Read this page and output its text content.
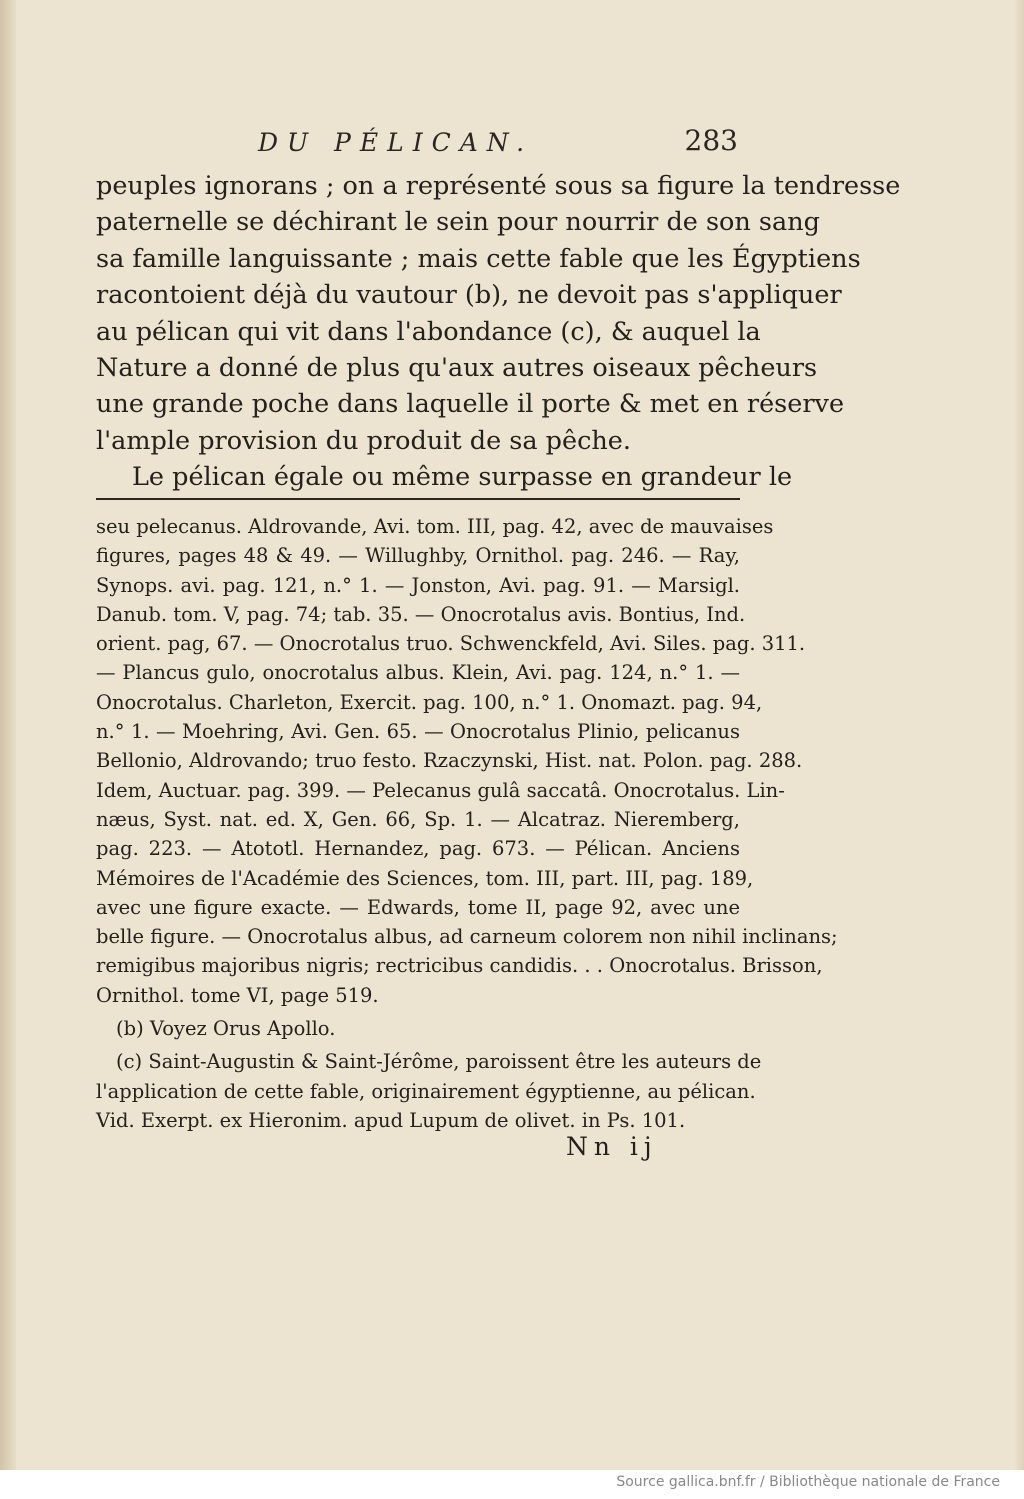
DU PÉLICAN.	283
peuples ignorans ; on a représenté sous sa figure la tendresse
paternelle se déchirant le sein pour nourrir de son sang
sa famille languissante ; mais cette fable que les Égyptiens
racontoient déjà du vautour (b), ne devoit pas s'appliquer
au pélican qui vit dans l'abondance (c), & auquel la
Nature a donné de plus qu'aux autres oiseaux pêcheurs
une grande poche dans laquelle il porte & met en réserve
l'ample provision du produit de sa pêche.
Le pélican égale ou même surpasse en grandeur le
seu pelecanus. Aldrovande, Avi. tom. III, pag. 42, avec de mauvaises
figures, pages 48 & 49. — Willughby, Ornithol. pag. 246. — Ray,
Synops. avi. pag. 121, n.° 1. — Jonston, Avi. pag. 91. — Marsigl.
Danub. tom. V, pag. 74; tab. 35. — Onocrotalus avis. Bontius, Ind.
orient. pag, 67. — Onocrotalus truo. Schwenckfeld, Avi. Siles. pag. 311.
— Plancus gulo, onocrotalus albus. Klein, Avi. pag. 124, n.° 1. —
Onocrotalus. Charleton, Exercit. pag. 100, n.° 1. Onomazt. pag. 94,
n.° 1. — Moehring, Avi. Gen. 65. — Onocrotalus Plinio, pelicanus
Bellonio, Aldrovando; truo festo. Rzaczynski, Hist. nat. Polon. pag. 288.
Idem, Auctuar. pag. 399. — Pelecanus gulâ saccatâ. Onocrotalus. Lin-
næus, Syst. nat. ed. X, Gen. 66, Sp. 1. — Alcatraz. Nieremberg,
pag. 223. — Atototl. Hernandez, pag. 673. — Pélican. Anciens
Mémoires de l'Académie des Sciences, tom. III, part. III, pag. 189,
avec une figure exacte. — Edwards, tome II, page 92, avec une
belle figure. — Onocrotalus albus, ad carneum colorem non nihil inclinans;
remigibus majoribus nigris; rectricibus candidis. . . Onocrotalus. Brisson,
Ornithol. tome VI, page 519.
(b) Voyez Orus Apollo.
(c) Saint-Augustin & Saint-Jérôme, paroissent être les auteurs de
l'application de cette fable, originairement égyptienne, au pélican.
Vid. Exerpt. ex Hieronim. apud Lupum de olivet. in Ps. 101.
Nn ij
Source gallica.bnf.fr / Bibliothèque nationale de France
